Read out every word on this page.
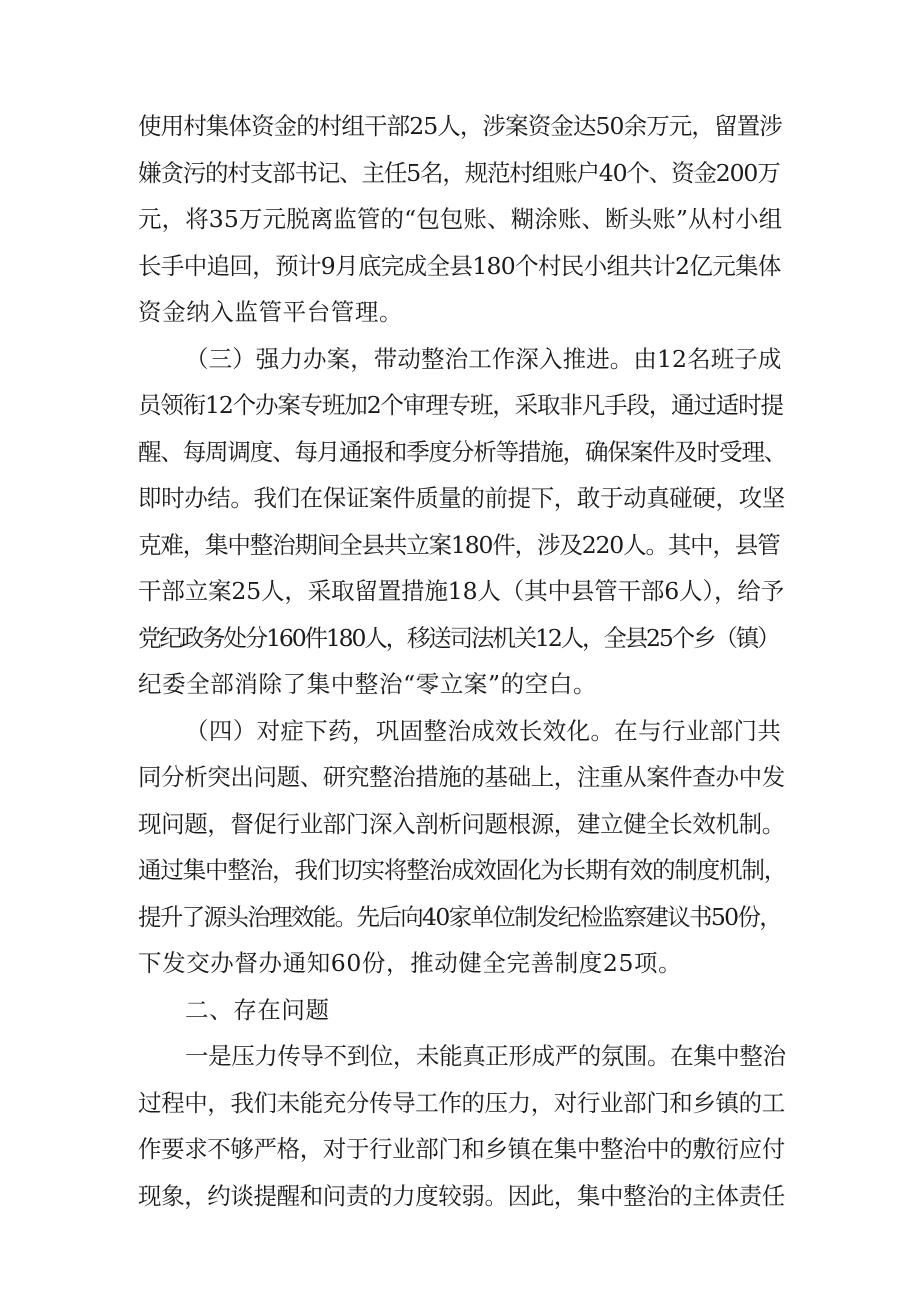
使用村集体资金的村组干部25人，涉案资金达50余万元，留置涉
嫌贪污的村支部书记、主任5名，规范村组账户40个、资金200万
元，将35万元脱离监管的“包包账、糊涂账、断头账”从村小组
长手中追回，预计9月底完成全县180个村民小组共计2亿元集体
资金纳入监管平台管理。
（三）强力办案，带动整治工作深入推进。由12名班子成
员领衔12个办案专班加2个审理专班，采取非凡手段，通过适时提
醒、每周调度、每月通报和季度分析等措施，确保案件及时受理、
即时办结。我们在保证案件质量的前提下，敢于动真碰硬，攻坚
克难，集中整治期间全县共立案180件，涉及220人。其中，县管
干部立案25人，采取留置措施18人（其中县管干部6人），给予
党纪政务处分160件180人，移送司法机关12人，全县25个乡（镇）
纪委全部消除了集中整治“零立案”的空白。
（四）对症下药，巩固整治成效长效化。在与行业部门共
同分析突出问题、研究整治措施的基础上，注重从案件查办中发
现问题，督促行业部门深入剖析问题根源，建立健全长效机制。
通过集中整治，我们切实将整治成效固化为长期有效的制度机制，
提升了源头治理效能。先后向40家单位制发纪检监察建议书50份，
下发交办督办通知60份，推动健全完善制度25项。
二、存在问题
一是压力传导不到位，未能真正形成严的氛围。在集中整治
过程中，我们未能充分传导工作的压力，对行业部门和乡镇的工
作要求不够严格，对于行业部门和乡镇在集中整治中的敷衍应付
现象，约谈提醒和问责的力度较弱。因此，集中整治的主体责任
